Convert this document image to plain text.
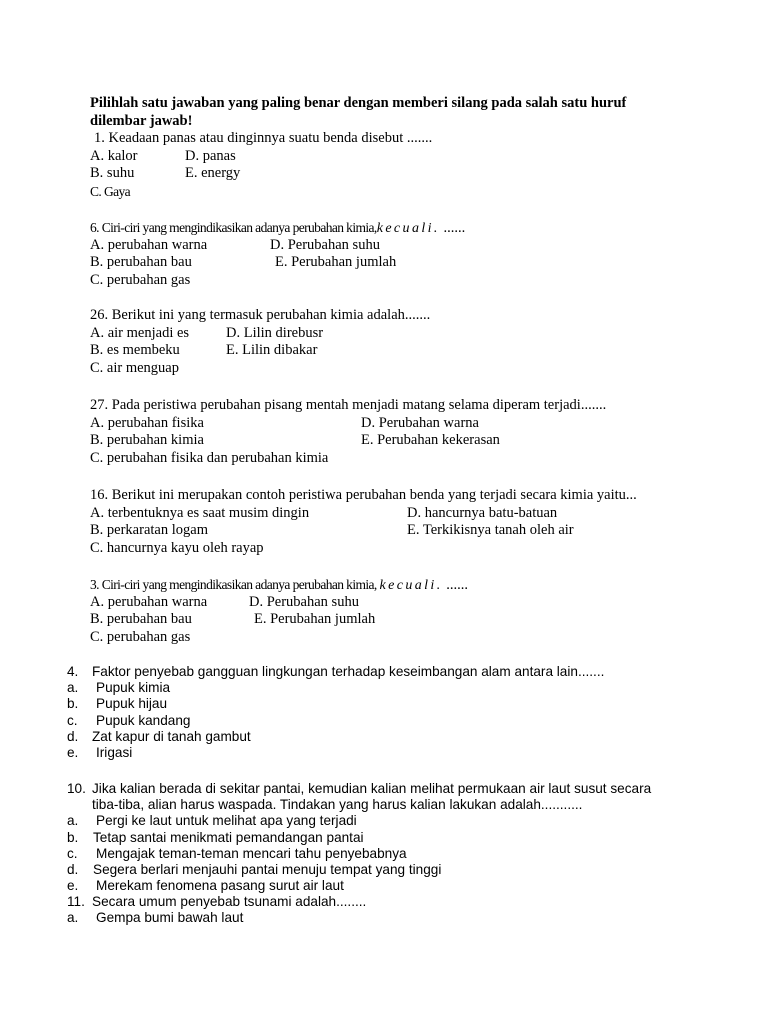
Pilihlah satu jawaban yang paling benar dengan memberi silang pada salah satu huruf
dilembar jawab!
1. Keadaan panas atau dinginnya suatu benda disebut .......
A. kalor	D. panas
B. suhu	E. energy
C. Gaya
6. Ciri-ciri yang mengindikasikan adanya perubahan kimia,kecuali. ......
A. perubahan warna	D. Perubahan suhu
B. perubahan bau	E. Perubahan jumlah
C. perubahan gas
26. Berikut ini yang termasuk perubahan kimia adalah.......
A. air menjadi es	D. Lilin direbusr
B. es membeku	E. Lilin dibakar
C. air menguap
27. Pada peristiwa perubahan pisang mentah menjadi matang selama diperam terjadi.......
A. perubahan fisika	D. Perubahan warna
B. perubahan kimia	E. Perubahan kekerasan
C. perubahan fisika dan perubahan kimia
16. Berikut ini merupakan contoh peristiwa perubahan benda yang terjadi secara kimia yaitu...
A. terbentuknya es saat musim dingin	D. hancurnya batu-batuan
B. perkaratan logam	E. Terkikisnya tanah oleh air
C. hancurnya kayu oleh rayap
3. Ciri-ciri yang mengindikasikan adanya perubahan kimia, kecuali. ......
A. perubahan warna	D. Perubahan suhu
B. perubahan bau	E. Perubahan jumlah
C. perubahan gas
4. Faktor penyebab gangguan lingkungan terhadap keseimbangan alam antara lain.......
a. Pupuk kimia
b. Pupuk hijau
c. Pupuk kandang
d. Zat kapur di tanah gambut
e. Irigasi
10. Jika kalian berada di sekitar pantai, kemudian kalian melihat permukaan air laut susut secara
tiba-tiba, alian harus waspada. Tindakan yang harus kalian lakukan adalah...........
a. Pergi ke laut untuk melihat apa yang terjadi
b. Tetap santai menikmati pemandangan pantai
c. Mengajak teman-teman mencari tahu penyebabnya
d. Segera berlari menjauhi pantai menuju tempat yang tinggi
e. Merekam fenomena pasang surut air laut
11. Secara umum penyebab tsunami adalah........
a. Gempa bumi bawah laut
